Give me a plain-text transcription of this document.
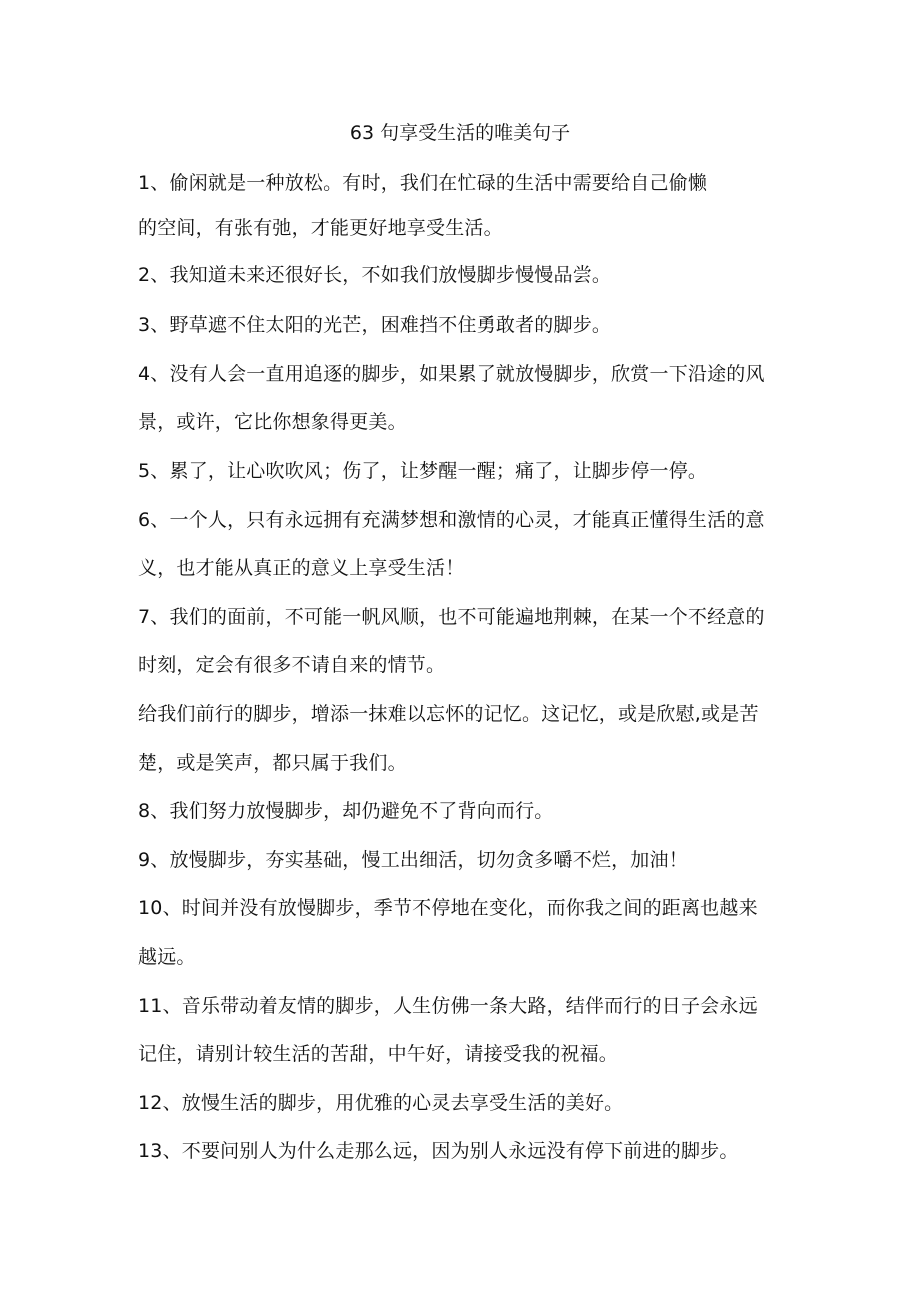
63 句享受生活的唯美句子
1、偷闲就是一种放松。有时，我们在忙碌的生活中需要给自己偷懒
的空间，有张有弛，才能更好地享受生活。
2、我知道未来还很好长，不如我们放慢脚步慢慢品尝。
3、野草遮不住太阳的光芒，困难挡不住勇敢者的脚步。
4、没有人会一直用追逐的脚步，如果累了就放慢脚步，欣赏一下沿途的风
景，或许，它比你想象得更美。
5、累了，让心吹吹风；伤了，让梦醒一醒；痛了，让脚步停一停。
6、一个人，只有永远拥有充满梦想和激情的心灵，才能真正懂得生活的意
义，也才能从真正的意义上享受生活！
7、我们的面前，不可能一帆风顺，也不可能遍地荆棘，在某一个不经意的
时刻，定会有很多不请自来的情节。
给我们前行的脚步，增添一抹难以忘怀的记忆。这记忆，或是欣慰,或是苦
楚，或是笑声，都只属于我们。
8、我们努力放慢脚步，却仍避免不了背向而行。
9、放慢脚步，夯实基础，慢工出细活，切勿贪多嚼不烂，加油！
10、时间并没有放慢脚步，季节不停地在变化，而你我之间的距离也越来
越远。
11、音乐带动着友情的脚步，人生仿佛一条大路，结伴而行的日子会永远
记住，请别计较生活的苦甜，中午好，请接受我的祝福。
12、放慢生活的脚步，用优雅的心灵去享受生活的美好。
13、不要问别人为什么走那么远，因为别人永远没有停下前进的脚步。
